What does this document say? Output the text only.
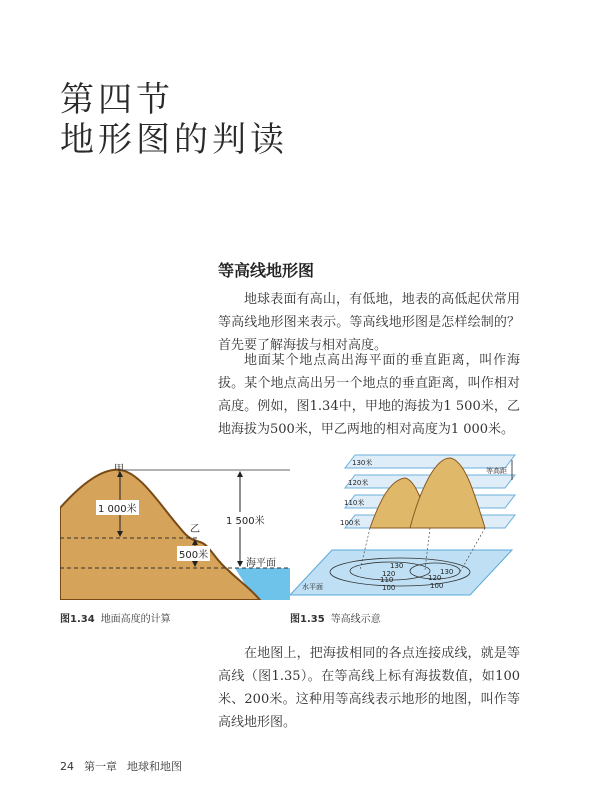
第四节
地形图的判读
等高线地形图
地球表面有高山，有低地，地表的高低起伏常用等高线地形图来表示。等高线地形图是怎样绘制的？首先要了解海拔与相对高度。
地面某个地点高出海平面的垂直距离，叫作海拔。某个地点高出另一个地点的垂直距离，叫作相对高度。例如，图1.34中，甲地的海拔为1 500米，乙地海拔为500米，甲乙两地的相对高度为1 000米。
甲
乙
1 000米
1 500米
500米
海平面
图1.34 地面高度的计算
130米
120米
110米
100米
等高距
水平面
130
120
110
100
130
120
100
图1.35 等高线示意
在地图上，把海拔相同的各点连接成线，就是等高线（图1.35）。在等高线上标有海拔数值，如100米、200米。这种用等高线表示地形的地图，叫作等高线地形图。
24 第一章 地球和地图
